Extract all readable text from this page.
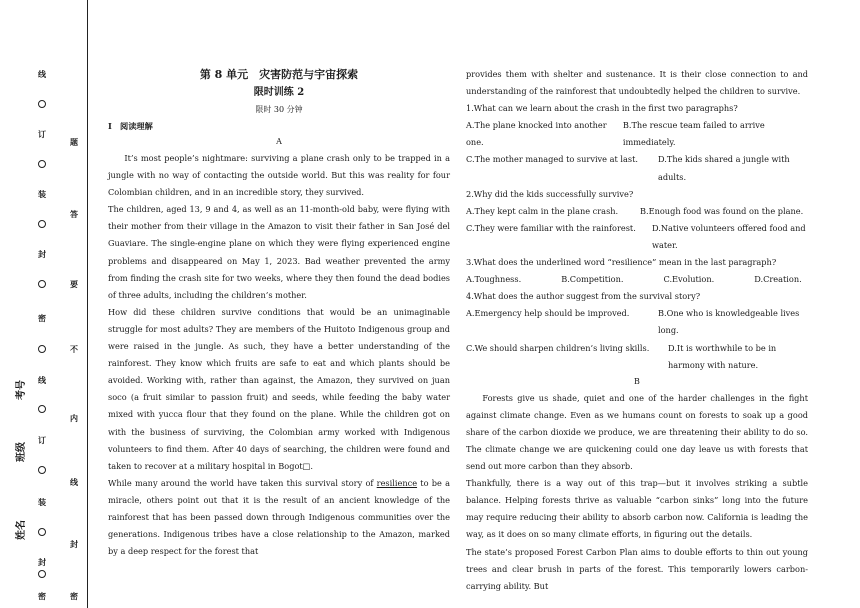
线
订
装
封
密
线
订
装
封
密
题
答
要
不
内
线
封
密
考号
班级
姓名
第 8 单元　灾害防范与宇宙探索
限时训练 2
限时 30 分钟
Ⅰ　阅读理解
A

It’s most people’s nightmare: surviving a plane crash only to be trapped in a jungle with no way of contacting the outside world. But this was reality for four Colombian children, and in an incredible story, they survived.

The children, aged 13, 9 and 4, as well as an 11-month-old baby, were flying with their mother from their village in the Amazon to visit their father in San José del Guaviare. The single-engine plane on which they were flying experienced engine problems and disappeared on May 1, 2023. Bad weather prevented the army from finding the crash site for two weeks, where they then found the dead bodies of three adults, including the children’s mother.

How did these children survive conditions that would be an unimaginable struggle for most adults? They are members of the Huitoto Indigenous group and were raised in the jungle. As such, they have a better understanding of the rainforest. They know which fruits are safe to eat and which plants should be avoided. Working with, rather than against, the Amazon, they survived on juan soco (a fruit similar to passion fruit) and seeds, while feeding the baby water mixed with yucca flour that they found on the plane. While the children got on with the business of surviving, the Colombian army worked with Indigenous volunteers to find them. After 40 days of searching, the children were found and taken to recover at a military hospital in Bogot□.

While many around the world have taken this survival story of resilience to be a miracle, others point out that it is the result of an ancient knowledge of the rainforest that has been passed down through Indigenous communities over the generations. Indigenous tribes have a close relationship to the Amazon, marked by a deep respect for the forest that

provides them with shelter and sustenance. It is their close connection to and understanding of the rainforest that undoubtedly helped the children to survive.

1.What can we learn about the crash in the first two paragraphs?
A.The plane knocked into another one.
B.The rescue team failed to arrive immediately.
C.The mother managed to survive at last. D.The kids shared a jungle with adults.
2.Why did the kids successfully survive?
A.They kept calm in the plane crash.	B.Enough food was found on the plane.
C.They were familiar with the rainforest. D.Native volunteers offered food and water.
3.What does the underlined word “resilience” mean in the last paragraph?
A.Toughness.	B.Competition.	C.Evolution.	D.Creation.
4.What does the author suggest from the survival story?
A.Emergency help should be improved.	B.One who is knowledgeable lives long.
C.We should sharpen children’s living skills. D.It is worthwhile to be in harmony with nature.
B

Forests give us shade, quiet and one of the harder challenges in the fight against climate change. Even as we humans count on forests to soak up a good share of the carbon dioxide we produce, we are threatening their ability to do so. The climate change we are quickening could one day leave us with forests that send out more carbon than they absorb.

Thankfully, there is a way out of this trap—but it involves striking a subtle balance. Helping forests thrive as valuable “carbon sinks” long into the future may require reducing their ability to absorb carbon now. California is leading the way, as it does on so many climate efforts, in figuring out the details.

The state’s proposed Forest Carbon Plan aims to double efforts to thin out young trees and clear brush in parts of the forest. This temporarily lowers carbon-carrying ability. But
